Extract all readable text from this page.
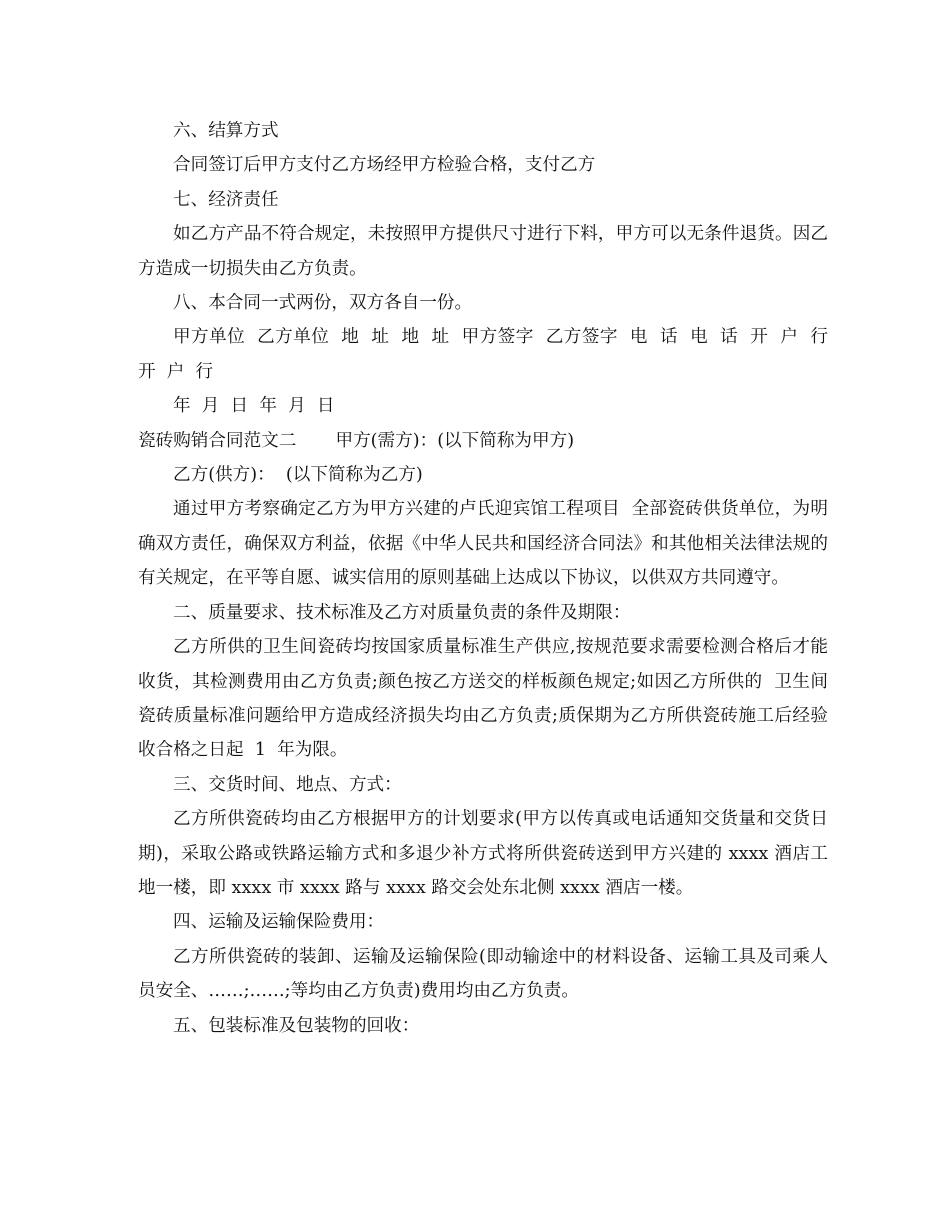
六、结算方式

合同签订后甲方支付乙方场经甲方检验合格，支付乙方

七、经济责任

如乙方产品不符合规定，未按照甲方提供尺寸进行下料，甲方可以无条件退货。因乙方造成一切损失由乙方负责。

八、本合同一式两份，双方各自一份。

甲方单位  乙方单位  地  址  地  址  甲方签字  乙方签字  电  话  电  话  开  户  行  开  户  行

年  月  日  年  月  日

瓷砖购销合同范文二       甲方(需方)：(以下简称为甲方)

乙方(供方)：  (以下简称为乙方)

通过甲方考察确定乙方为甲方兴建的卢氏迎宾馆工程项目  全部瓷砖供货单位，为明确双方责任，确保双方利益，依据《中华人民共和国经济合同法》和其他相关法律法规的有关规定，在平等自愿、诚实信用的原则基础上达成以下协议，以供双方共同遵守。

二、质量要求、技术标准及乙方对质量负责的条件及期限：

乙方所供的卫生间瓷砖均按国家质量标准生产供应,按规范要求需要检测合格后才能收货，其检测费用由乙方负责;颜色按乙方送交的样板颜色规定;如因乙方所供的  卫生间瓷砖质量标准问题给甲方造成经济损失均由乙方负责;质保期为乙方所供瓷砖施工后经验收合格之日起  1  年为限。

三、交货时间、地点、方式：

乙方所供瓷砖均由乙方根据甲方的计划要求(甲方以传真或电话通知交货量和交货日期)，采取公路或铁路运输方式和多退少补方式将所供瓷砖送到甲方兴建的 xxxx 酒店工地一楼，即 xxxx 市 xxxx 路与 xxxx 路交会处东北侧 xxxx 酒店一楼。

四、运输及运输保险费用：

乙方所供瓷砖的装卸、运输及运输保险(即动输途中的材料设备、运输工具及司乘人员安全、……;……;等均由乙方负责)费用均由乙方负责。

五、包装标准及包装物的回收：
